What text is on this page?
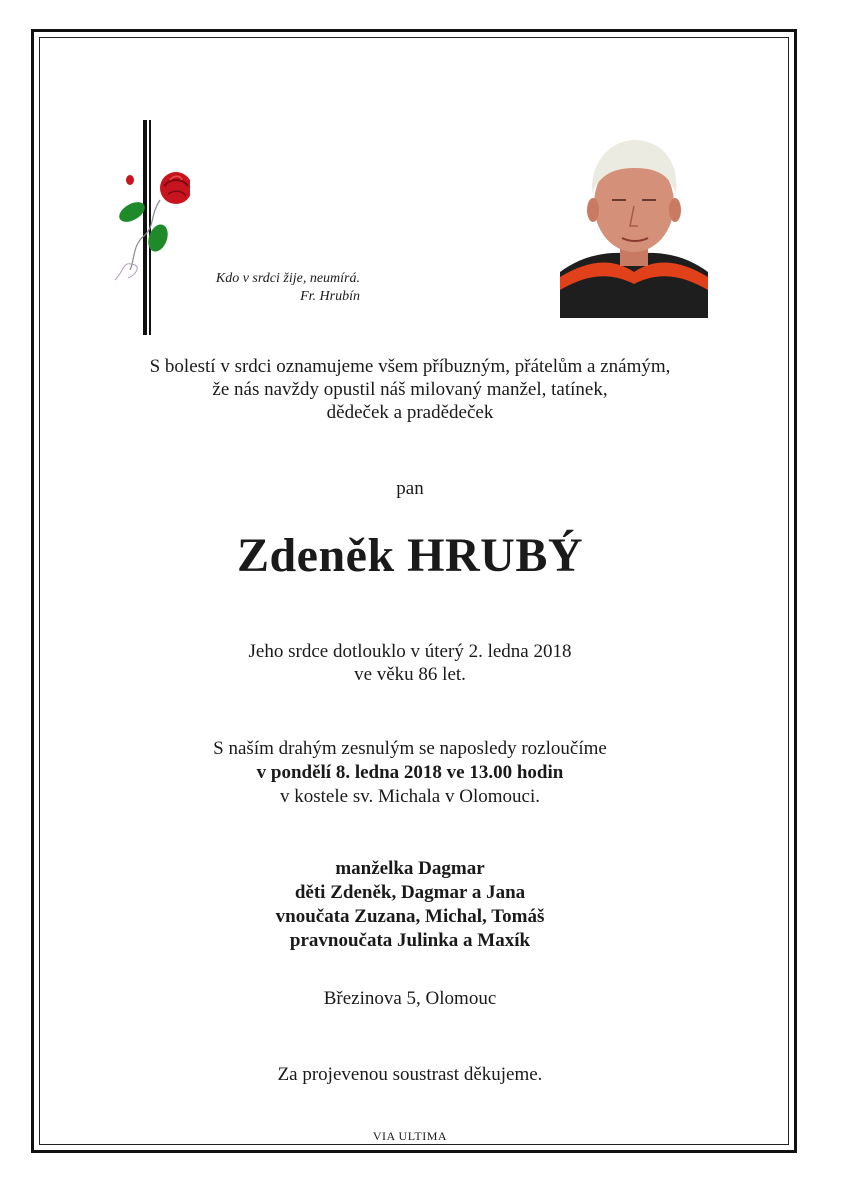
Kdo v srdci žije, neumírá.
Fr. Hrubín
S bolestí v srdci oznamujeme všem příbuzným, přátelům a známým,
že nás navždy opustil náš milovaný manžel, tatínek,
dědeček a pradědeček
pan
Zdeněk HRUBÝ
Jeho srdce dotlouklo v úterý 2. ledna 2018
ve věku 86 let.
S naším drahým zesnulým se naposledy rozloučíme
v pondělí 8. ledna 2018 ve 13.00 hodin
v kostele sv. Michala v Olomouci.
manželka Dagmar
děti Zdeněk, Dagmar a Jana
vnoučata Zuzana, Michal, Tomáš
pravnoučata Julinka a Maxík
Březinova 5, Olomouc
Za projevenou soustrast děkujeme.
VIA ULTIMA
